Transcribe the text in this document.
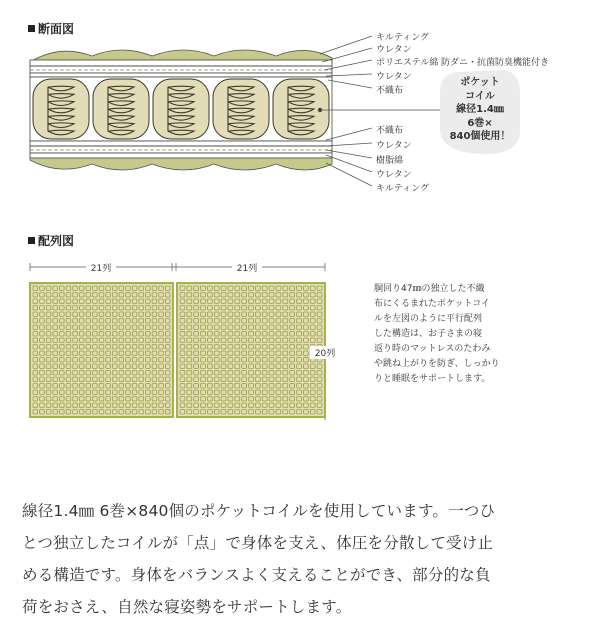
断面図
キルティング
ウレタン
ポリエステル綿 防ダニ・抗菌防臭機能付き
ウレタン
不織布
不織布
ウレタン
樹脂綿
ウレタン
キルティング
ポケット
コイル
線径1.4㎜
6巻×
840個使用！
配列図
21列	21列
20列
胴回り47㎜の独立した不織
布にくるまれたポケットコイ
ルを左図のように平行配列
した構造は、お子さまの寝
返り時のマットレスのたわみ
や跳ね上がりを防ぎ、しっかり
りと睡眠をサポートします。
線径1.4㎜ 6巻×840個のポケットコイルを使用しています。一つひ
とつ独立したコイルが「点」で身体を支え、体圧を分散して受け止
める構造です。身体をバランスよく支えることができ、部分的な負
荷をおさえ、自然な寝姿勢をサポートします。
